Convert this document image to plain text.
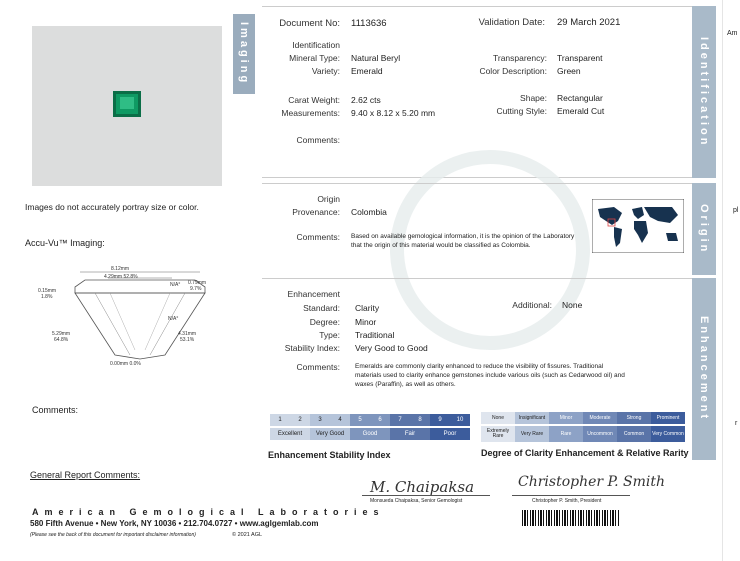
Imaging
Images do not accurately portray size or color.
Accu-Vu™ Imaging:
8.12mm
4.29mm 52.8%
0.15mm
1.8%
0.79mm
9.7%
N/A°
N/A°
5.29mm
64.8%
4.31mm
53.1%
0.00mm 0.0%
Comments:
Identification
Document No: 1113636	Validation Date: 29 March 2021
Identification
Mineral Type: Natural Beryl
Variety: Emerald
Transparency: Transparent
Color Description: Green
Carat Weight: 2.62 cts
Measurements: 9.40 x 8.12 x 5.20 mm
Shape: Rectangular
Cutting Style: Emerald Cut
Comments:
Origin
Origin
Provenance: Colombia
Comments: Based on available gemological information, it is the opinion of the Laboratory that the origin of this material would be classified as Colombia.
Enhancement
Enhancement
Standard: Clarity	Additional: None
Degree: Minor
Type: Traditional
Stability Index: Very Good to Good
Comments: Emeralds are commonly clarity enhanced to reduce the visibility of fissures. Traditional materials used to clarity enhance gemstones include various oils (such as Cedarwood oil) and waxes (Paraffin), as well as others.
1	2	3	4	5	6	7	8	9	10
Excellent	Very Good	Good	Fair	Poor
Enhancement Stability Index
None	Insignificant	Minor	Moderate	Strong	Prominent
Extremely Rare	Very Rare	Rare	Uncommon	Common	Very Common
Degree of Clarity Enhancement & Relative Rarity
General Report Comments:
American Gemological Laboratories
580 Fifth Avenue • New York, NY 10036 • 212.704.0727 • www.aglgemlab.com
(Please see the back of this document for important disclaimer information)	© 2021 AGL
M. Chaipaksa
Monsueda Chaipaksa, Senior Gemologist
Christopher P. Smith
Christopher P. Smith, President
Am
pl
r
